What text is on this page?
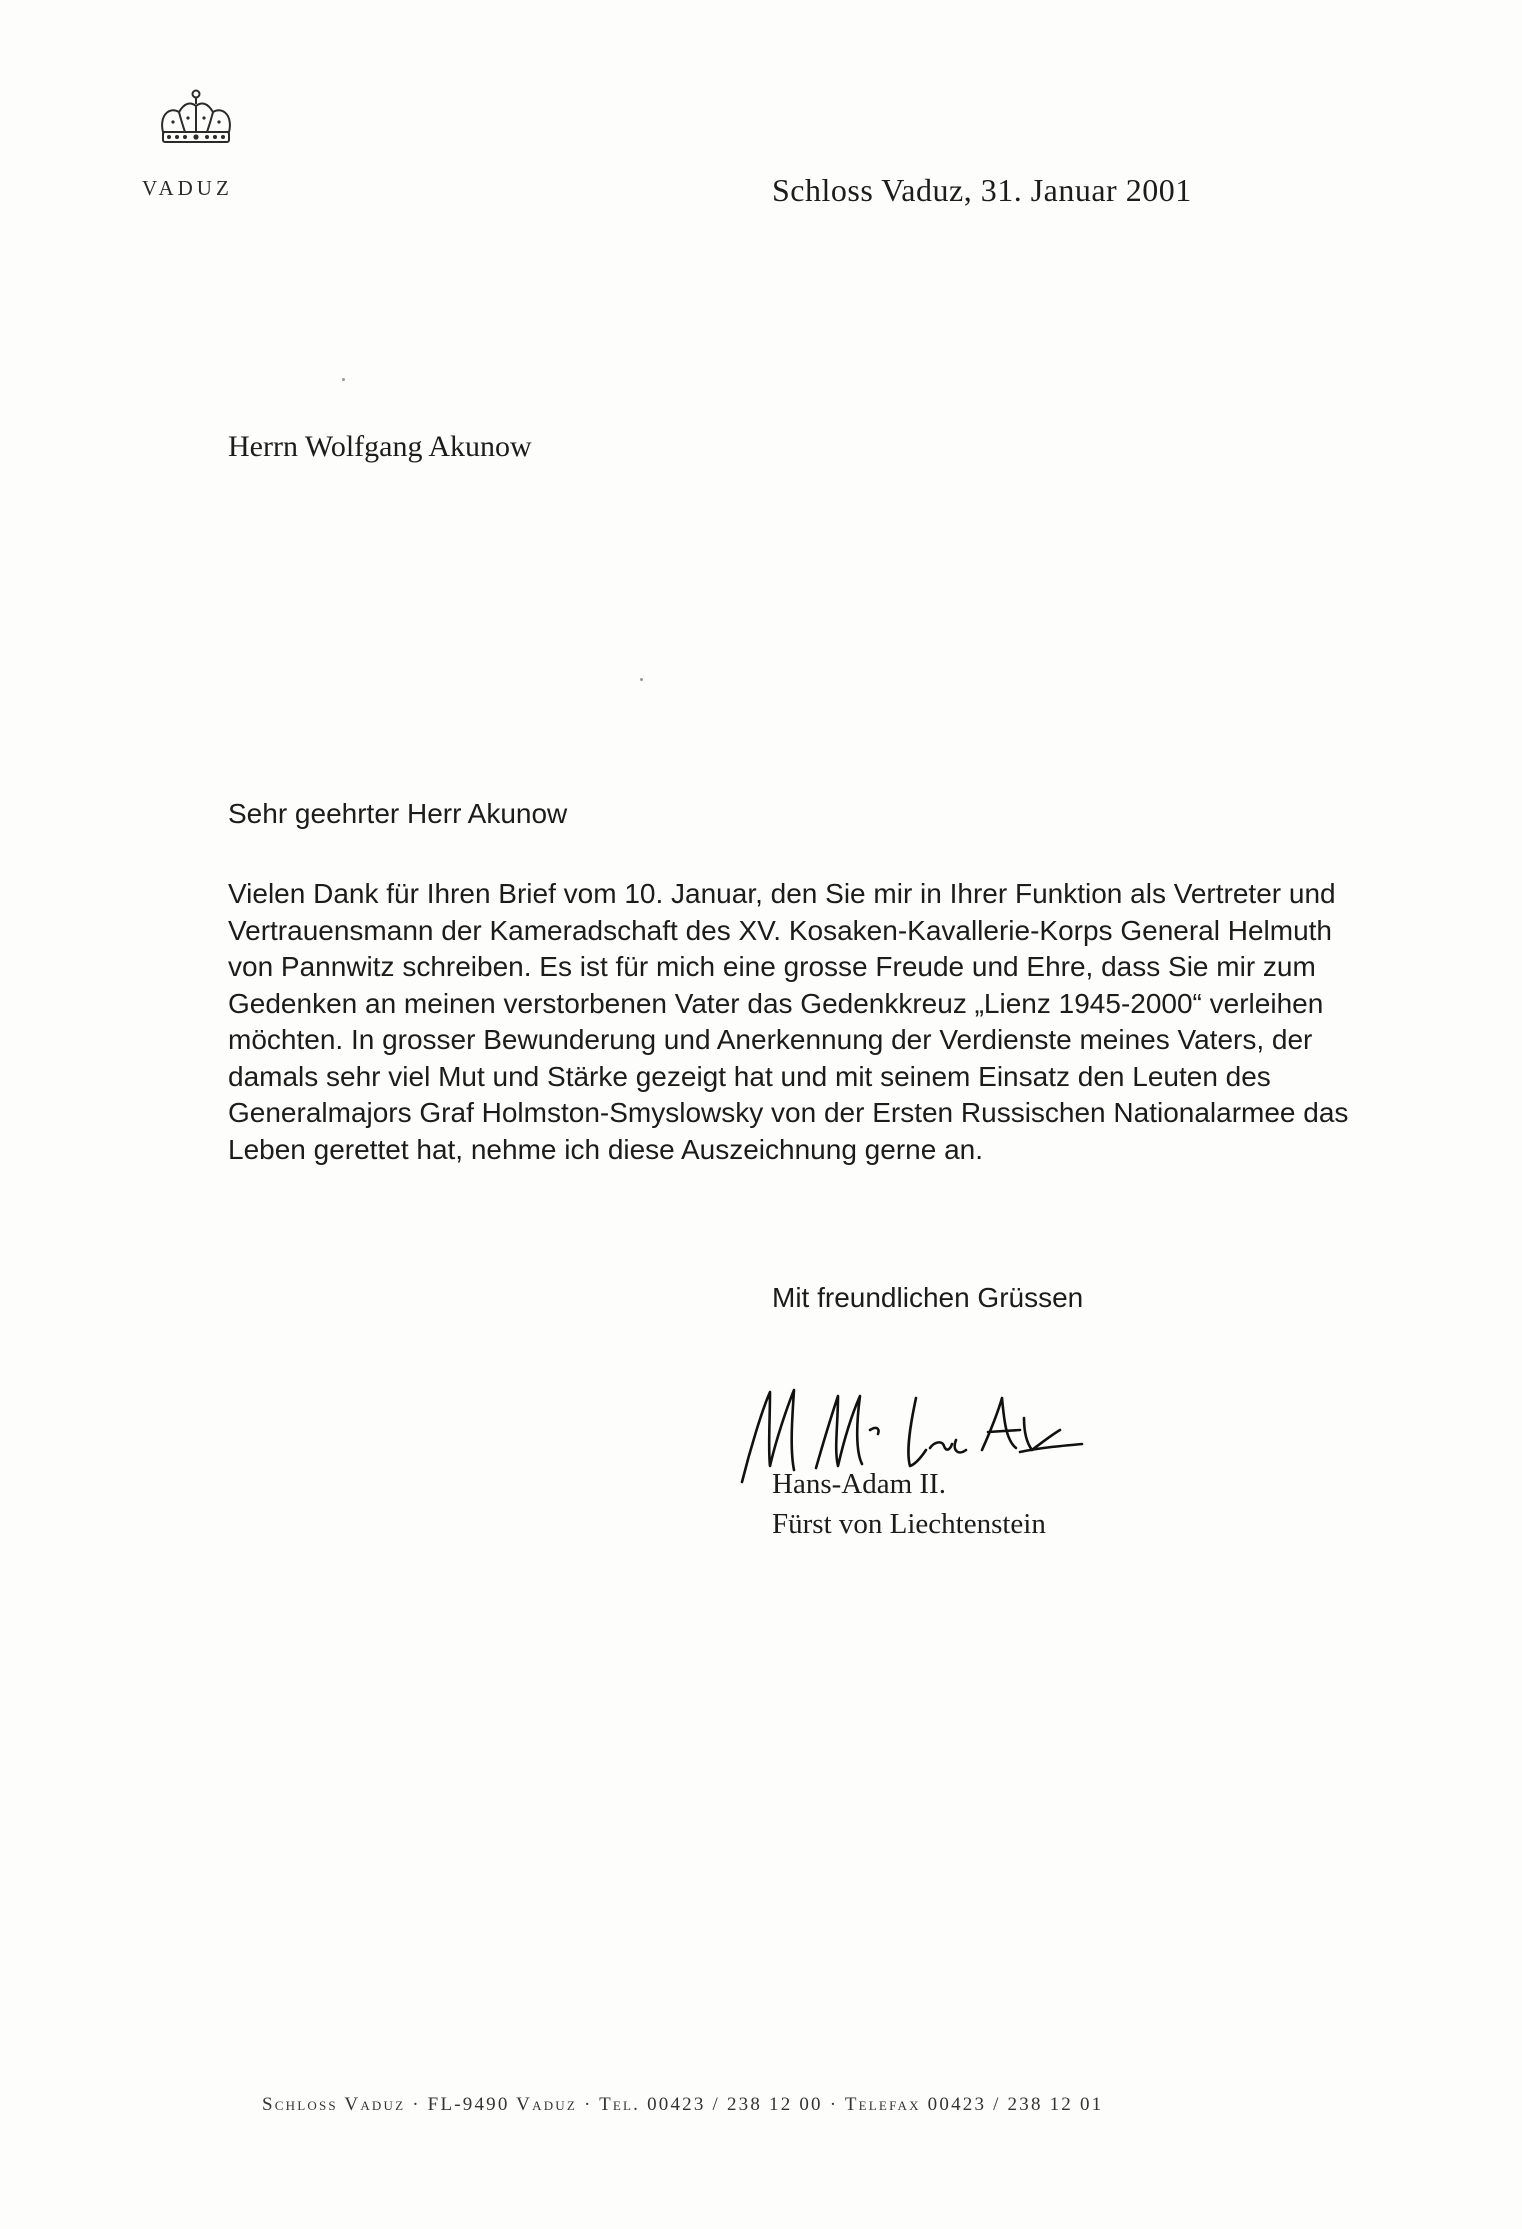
VADUZ	Schloss Vaduz, 31. Januar 2001
Herrn Wolfgang Akunow
Sehr geehrter Herr Akunow
Vielen Dank für Ihren Brief vom 10. Januar, den Sie mir in Ihrer Funktion als Vertreter und
Vertrauensmann der Kameradschaft des XV. Kosaken-Kavallerie-Korps General Helmuth
von Pannwitz schreiben. Es ist für mich eine grosse Freude und Ehre, dass Sie mir zum
Gedenken an meinen verstorbenen Vater das Gedenkkreuz „Lienz 1945-2000“ verleihen
möchten. In grosser Bewunderung und Anerkennung der Verdienste meines Vaters, der
damals sehr viel Mut und Stärke gezeigt hat und mit seinem Einsatz den Leuten des
Generalmajors Graf Holmston-Smyslowsky von der Ersten Russischen Nationalarmee das
Leben gerettet hat, nehme ich diese Auszeichnung gerne an.
Mit freundlichen Grüssen
Hans-Adam II.
Fürst von Liechtenstein
Schloss Vaduz · FL-9490 Vaduz · Tel. 00423 / 238 12 00 · Telefax 00423 / 238 12 01
